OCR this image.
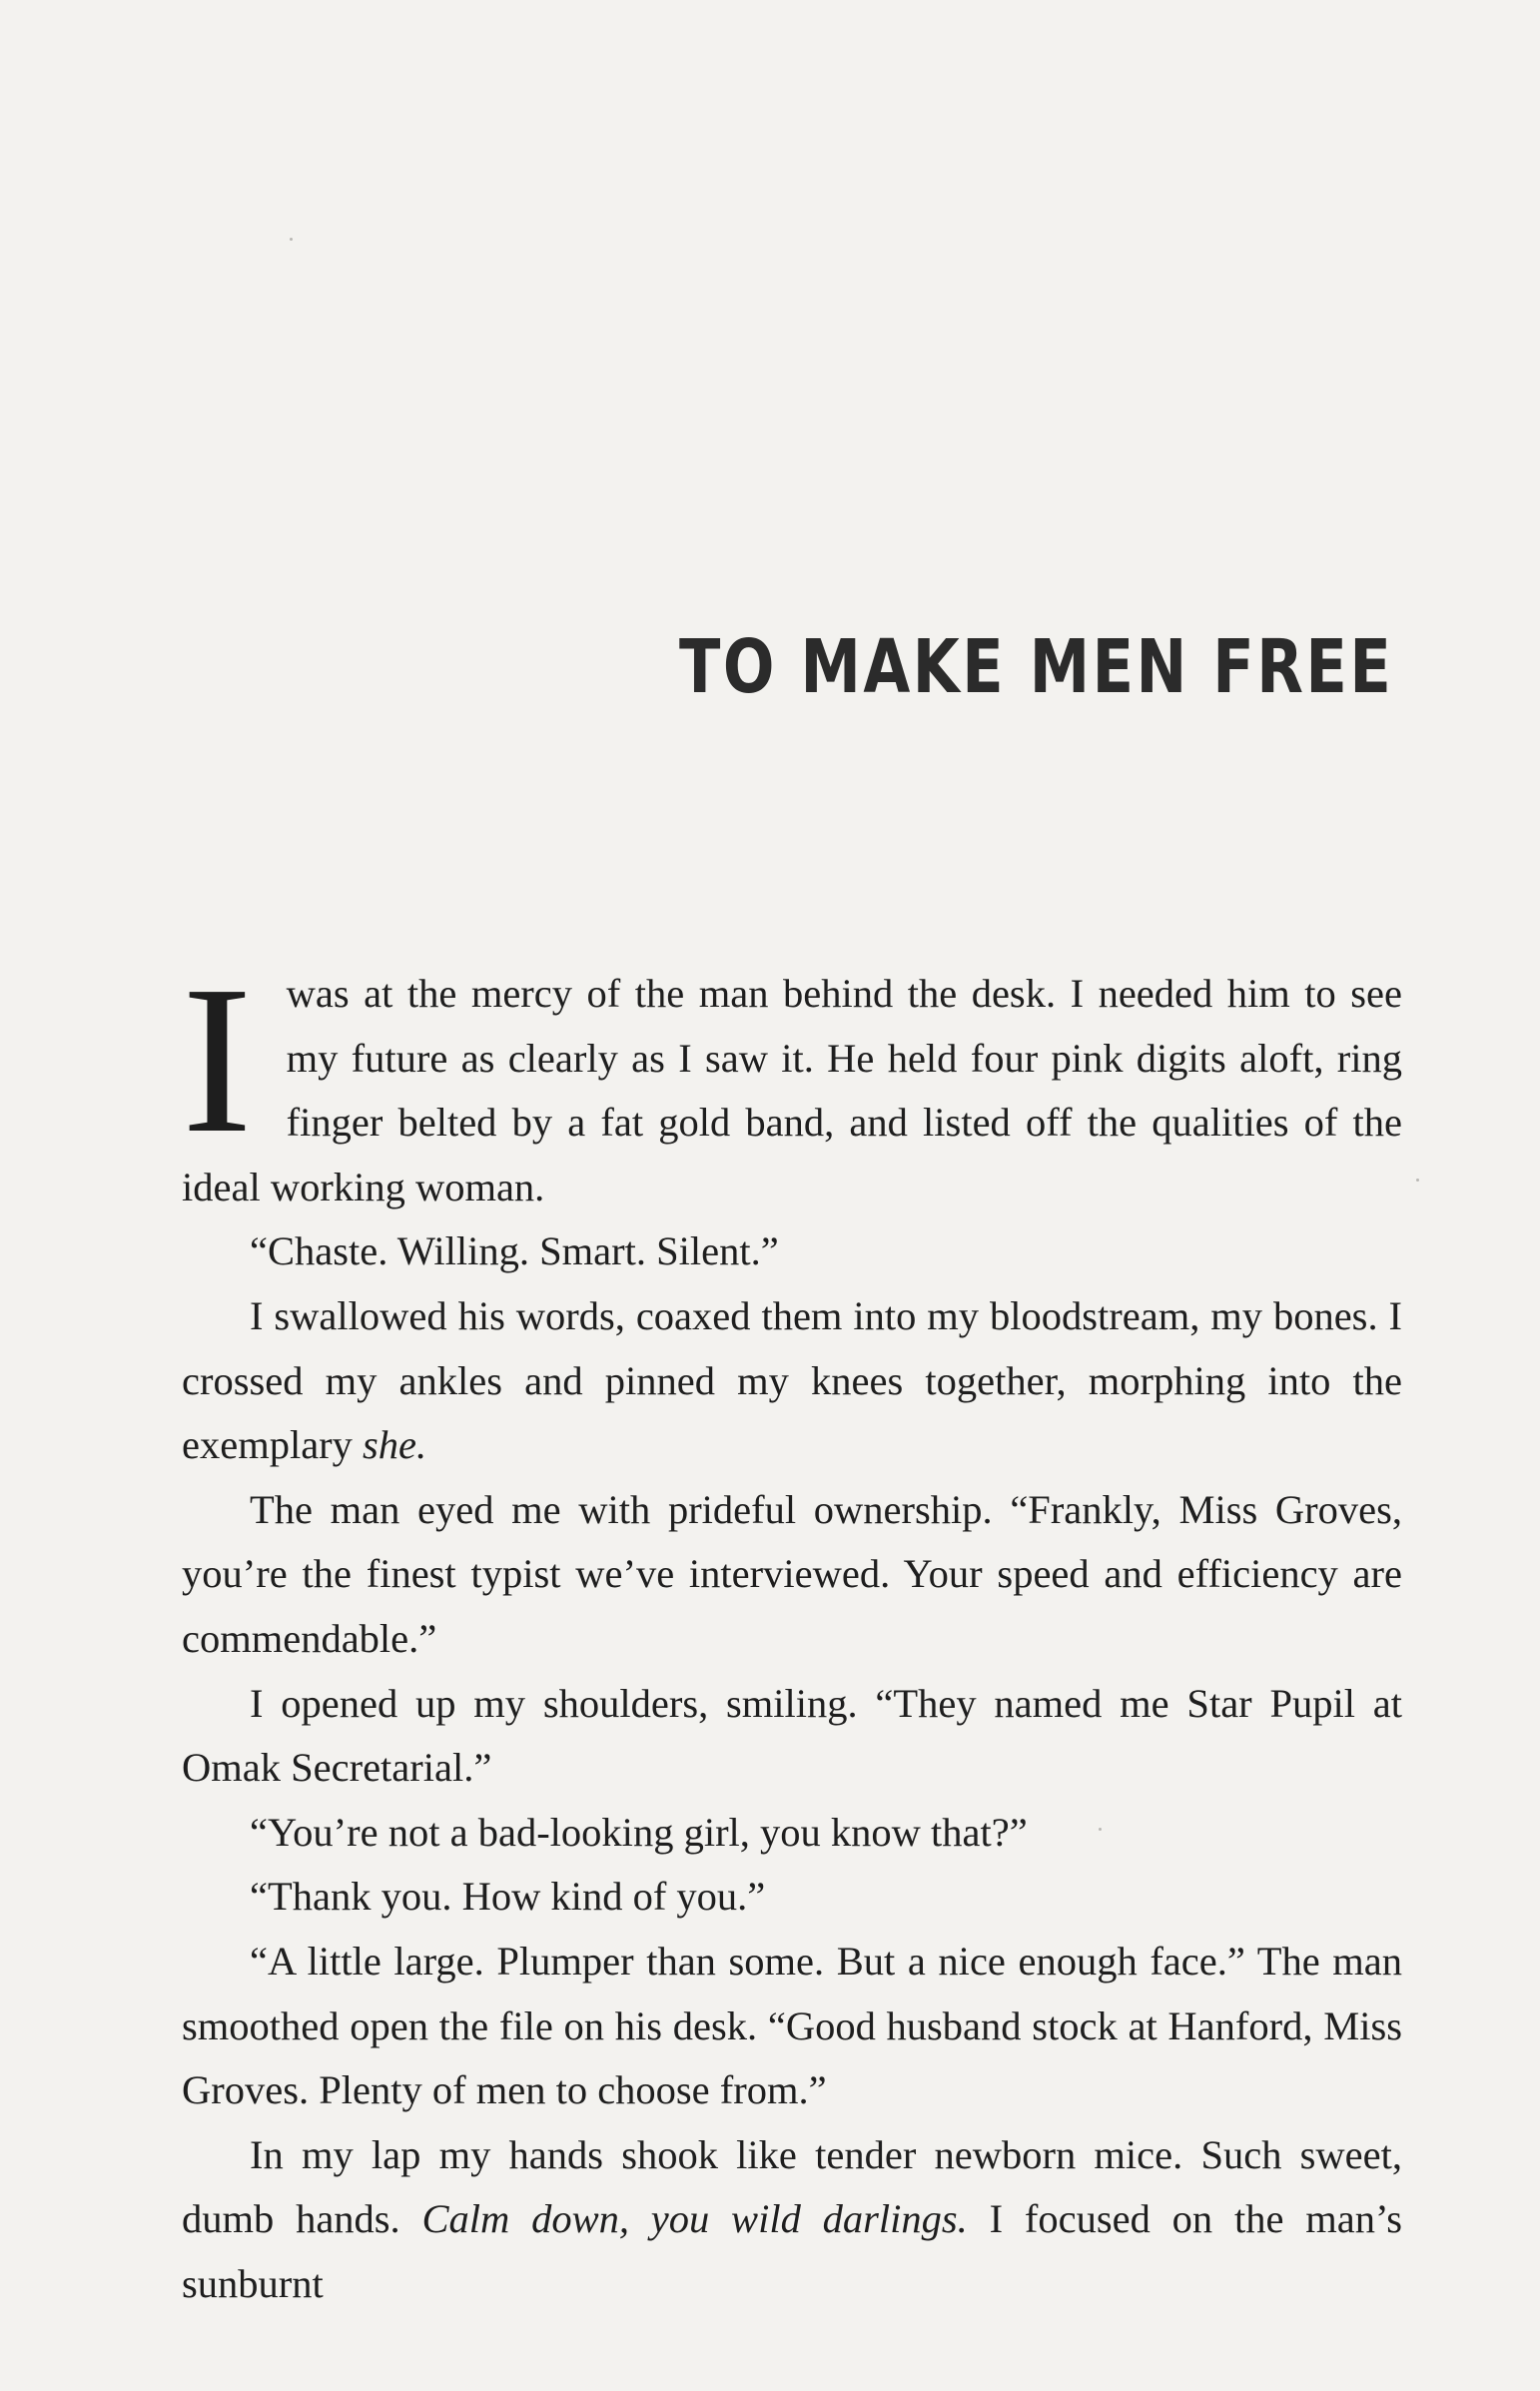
TO MAKE MEN FREE

Iwas at the mercy of the man behind the desk. I needed him to see my future as clearly as I saw it. He held four pink digits aloft, ring finger belted by a fat gold band, and listed off the qualities of the ideal working woman.

“Chaste. Willing. Smart. Silent.”

I swallowed his words, coaxed them into my bloodstream, my bones. I crossed my ankles and pinned my knees together, morphing into the exemplary she.

The man eyed me with prideful ownership. “Frankly, Miss Groves, you’re the finest typist we’ve interviewed. Your speed and efficiency are commendable.”

I opened up my shoulders, smiling. “They named me Star Pupil at Omak Secretarial.”

“You’re not a bad-looking girl, you know that?”

“Thank you. How kind of you.”

“A little large. Plumper than some. But a nice enough face.” The man smoothed open the file on his desk. “Good husband stock at Hanford, Miss Groves. Plenty of men to choose from.”

In my lap my hands shook like tender newborn mice. Such sweet, dumb hands. Calm down, you wild darlings. I focused on the man’s sunburnt
